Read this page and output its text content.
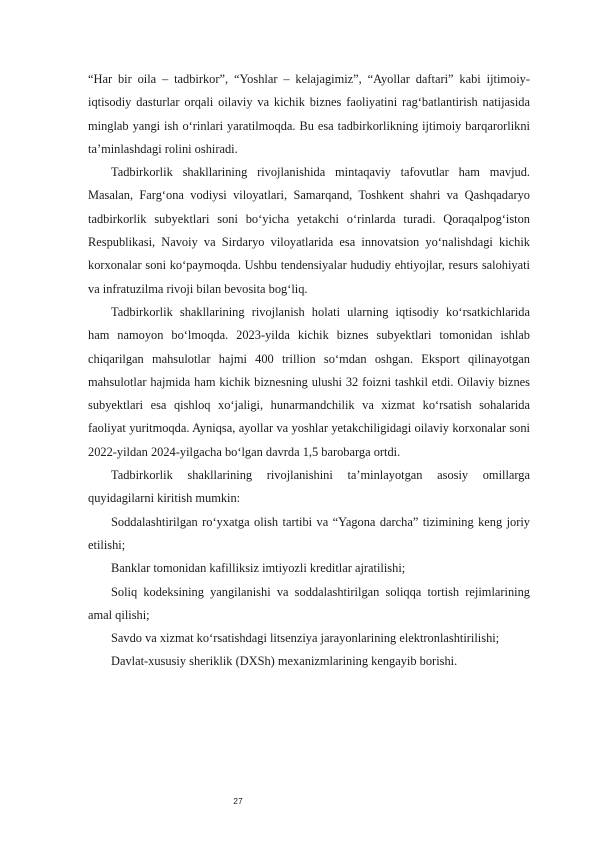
“Har bir oila – tadbirkor”, “Yoshlar – kelajagimiz”, “Ayollar daftari” kabi ijtimoiy-iqtisodiy dasturlar orqali oilaviy va kichik biznes faoliyatini rag‘batlantirish natijasida minglab yangi ish o‘rinlari yaratilmoqda. Bu esa tadbirkorlikning ijtimoiy barqarorlikni ta’minlashdagi rolini oshiradi.

Tadbirkorlik shakllarining rivojlanishida mintaqaviy tafovutlar ham mavjud. Masalan, Farg‘ona vodiysi viloyatlari, Samarqand, Toshkent shahri va Qashqadaryo tadbirkorlik subyektlari soni bo‘yicha yetakchi o‘rinlarda turadi. Qoraqalpog‘iston Respublikasi, Navoiy va Sirdaryo viloyatlarida esa innovatsion yo‘nalishdagi kichik korxonalar soni ko‘paymoqda. Ushbu tendensiyalar hududiy ehtiyojlar, resurs salohiyati va infratuzilma rivoji bilan bevosita bog‘liq.

Tadbirkorlik shakllarining rivojlanish holati ularning iqtisodiy ko‘rsatkichlarida ham namoyon bo‘lmoqda. 2023-yilda kichik biznes subyektlari tomonidan ishlab chiqarilgan mahsulotlar hajmi 400 trillion so‘mdan oshgan. Eksport qilinayotgan mahsulotlar hajmida ham kichik biznesning ulushi 32 foizni tashkil etdi. Oilaviy biznes subyektlari esa qishloq xo‘jaligi, hunarmandchilik va xizmat ko‘rsatish sohalarida faoliyat yuritmoqda. Ayniqsa, ayollar va yoshlar yetakchiligidagi oilaviy korxonalar soni 2022-yildan 2024-yilgacha bo‘lgan davrda 1,5 barobarga ortdi.

Tadbirkorlik shakllarining rivojlanishini ta’minlayotgan asosiy omillarga quyidagilarni kiritish mumkin:

Soddalashtirilgan ro‘yxatga olish tartibi va “Yagona darcha” tizimining keng joriy etilishi;

Banklar tomonidan kafilliksiz imtiyozli kreditlar ajratilishi;

Soliq kodeksining yangilanishi va soddalashtirilgan soliqqa tortish rejimlarining amal qilishi;

Savdo va xizmat ko‘rsatishdagi litsenziya jarayonlarining elektronlashtirilishi;

Davlat-xususiy sheriklik (DXSh) mexanizmlarining kengayib borishi.

27
